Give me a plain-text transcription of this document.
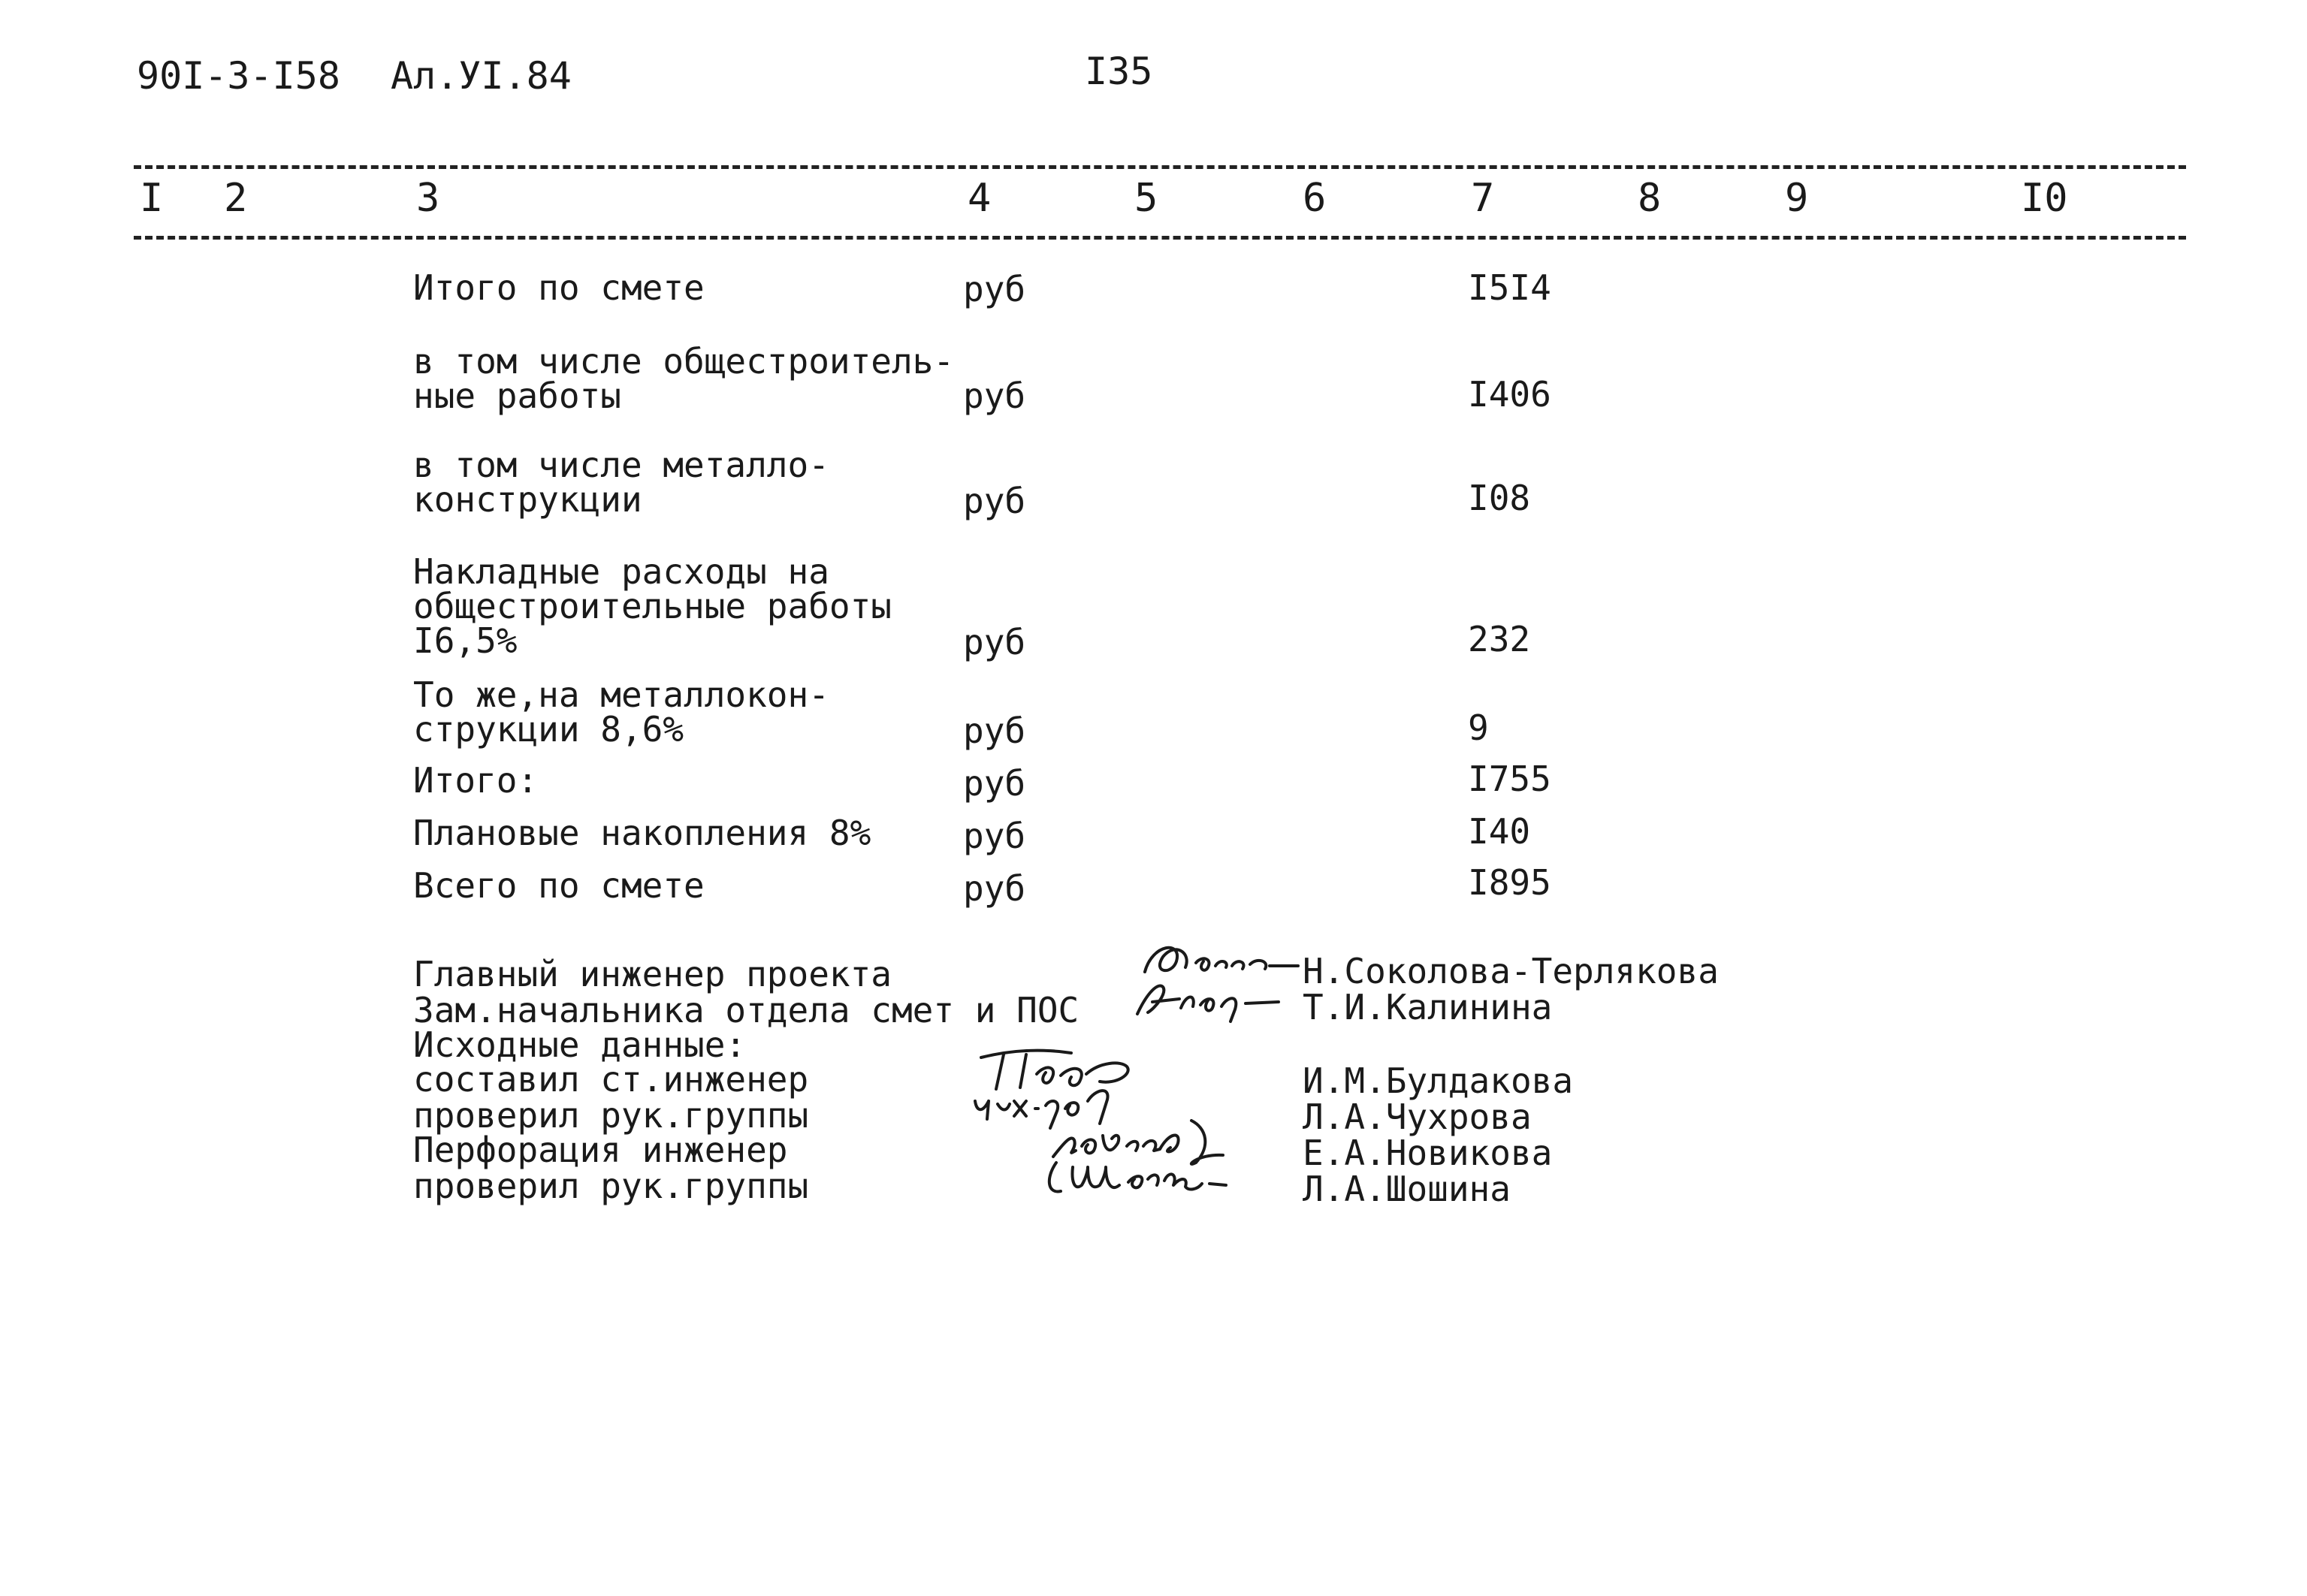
90I-3-I58 Ал.УI.84	I35
I 2	3	4	5	6	7	8	9	I0
Итого по смете	руб	I5I4
в том числе общестроитель-
ные работы	руб	I406
в том числе металло-
конструкции	руб	I08
Накладные расходы на
общестроительные работы
I6,5%	руб	232
То же,на металлокон-
струкции 8,6%	руб	9
Итого:	руб	I755
Плановые накопления 8%	руб	I40
Всего по смете	руб	I895
Главный инженер проекта	Н.Соколова-Терлякова
Зам.начальника отдела смет и ПОС	Т.И.Калинина
Исходные данные:
составил ст.инженер	И.М.Булдакова
проверил рук.группы	Л.А.Чухрова
Перфорация инженер	Е.А.Новикова
проверил рук.группы	Л.А.Шошина
